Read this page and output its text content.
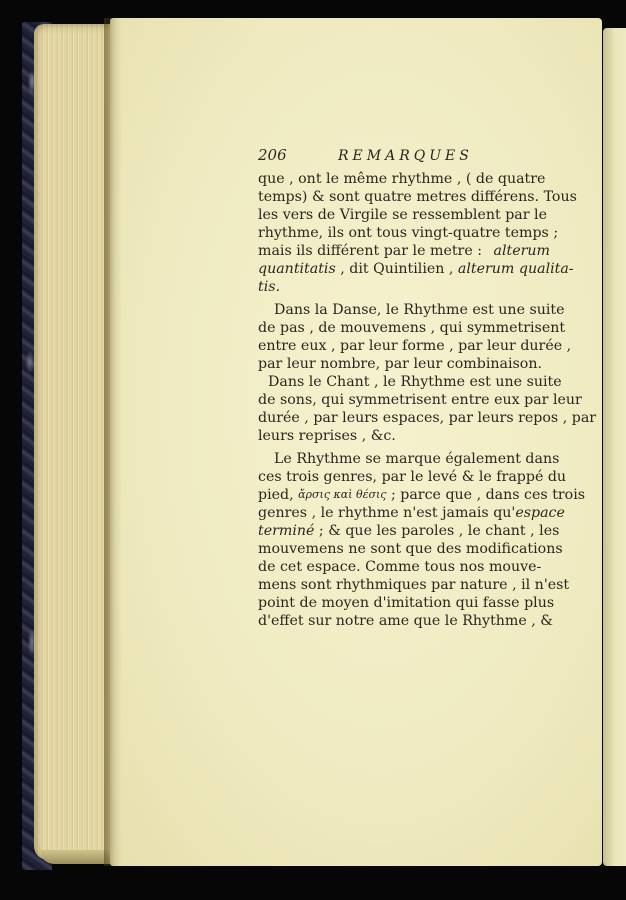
206	REMARQUES
que , ont le même rhythme , ( de quatre
temps) & sont quatre metres différens. Tous
les vers de Virgile se ressemblent par le
rhythme, ils ont tous vingt-quatre temps ;
mais ils différent par le metre : alterum
quantitatis , dit Quintilien , alterum qualita-
tis.
Dans la Danse, le Rhythme est une suite
de pas , de mouvemens , qui symmetrisent
entre eux , par leur forme , par leur durée ,
par leur nombre, par leur combinaison.
Dans le Chant , le Rhythme est une suite
de sons, qui symmetrisent entre eux par leur
durée , par leurs espaces, par leurs repos , par
leurs reprises , &c.
Le Rhythme se marque également dans
ces trois genres, par le levé & le frappé du
pied, ἄρσις καὶ θέσις ; parce que , dans ces trois
genres , le rhythme n'est jamais qu' espace
terminé ; & que les paroles , le chant , les
mouvemens ne sont que des modifications
de cet espace. Comme tous nos mouve-
mens sont rhythmiques par nature , il n'est
point de moyen d'imitation qui fasse plus
d'effet sur notre ame que le Rhythme , &
